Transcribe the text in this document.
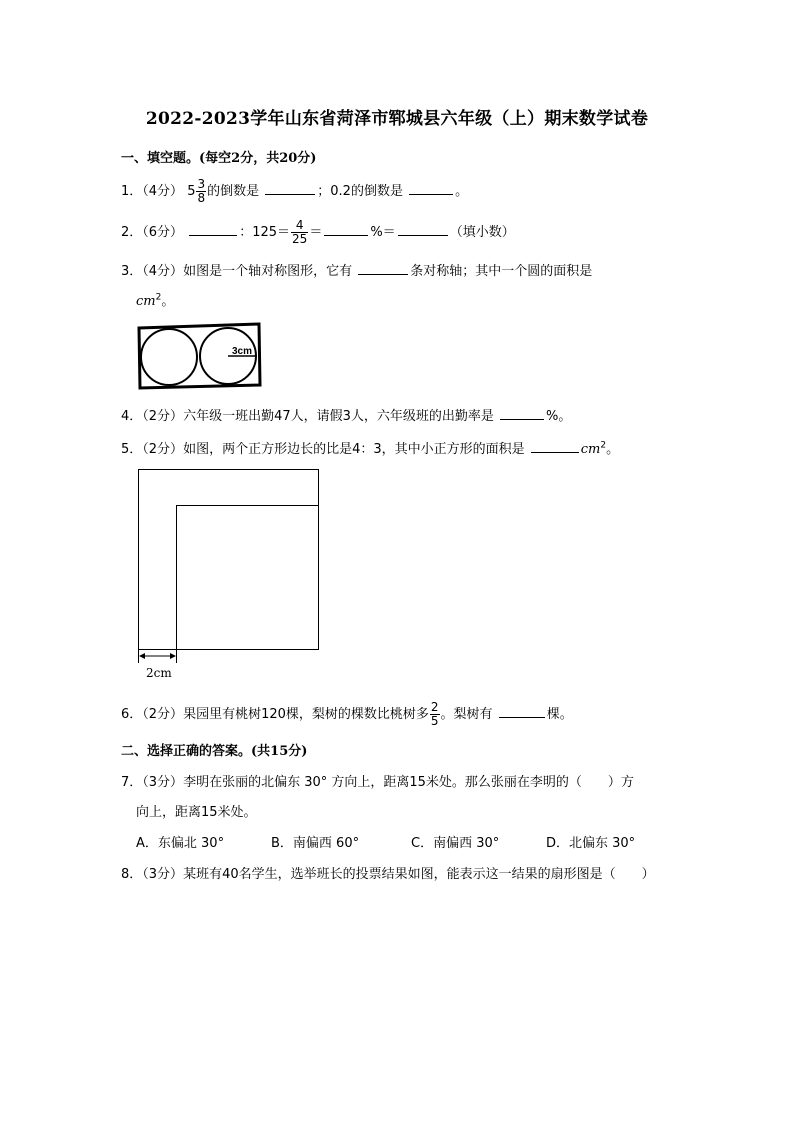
2022-2023学年山东省菏泽市郓城县六年级（上）期末数学试卷
一、填空题。(每空2分，共20分)
1．（4分） $5 \frac{3}{8}$ 的倒数是	；0.2的倒数是	。
2．（6分）	：$125= \frac{4}{25}$ ＝	%＝	（填小数）
3．（4分）如图是一个轴对称图形，它有	条对称轴；其中一个圆的面积是
$cm^2$。
3cm
4．（2分）六年级一班出勤47人，请假3人，六年级班的出勤率是	%。
5．（2分）如图，两个正方形边长的比是4：3，其中小正方形的面积是	$cm^2$。
2cm
6．（2分）果园里有桃树120棵，梨树的棵数比桃树多 $\frac{2}{5}$ 。梨树有	棵。
二、选择正确的答案。(共15分)
7．（3分）李明在张丽的北偏东 30° 方向上，距离15米处。那么张丽在李明的（　　）方
向上，距离15米处。
A．东偏北 30°	B．南偏西 60°	C．南偏西 30°	D．北偏东 30°
8．（3分）某班有40名学生，选举班长的投票结果如图，能表示这一结果的扇形图是（　　）
